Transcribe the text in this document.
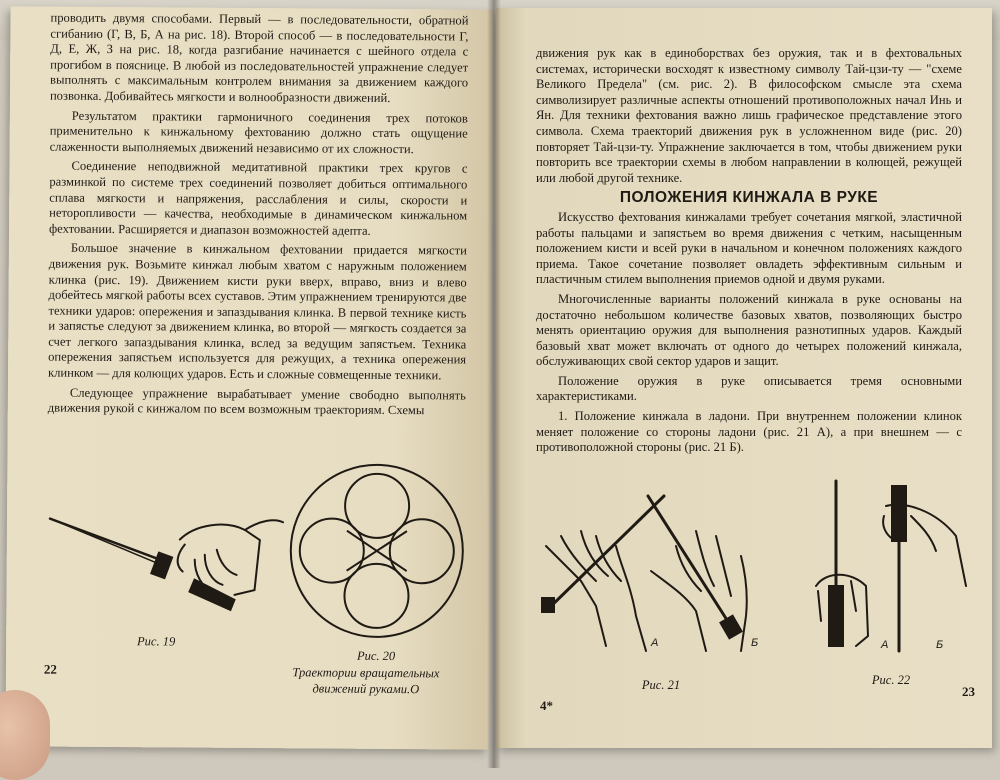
проводить двумя способами. Первый — в последовательности, обратной сгибанию (Г, В, Б, А на рис. 18). Второй способ — в последовательности Г, Д, Е, Ж, З на рис. 18, когда разгибание начинается с шейного отдела с прогибом в пояснице. В любой из последовательностей упражнение следует выполнять с максимальным контролем внимания за движением каждого позвонка. Добивайтесь мягкости и волнообразности движений.

Результатом практики гармоничного соединения трех потоков применительно к кинжальному фехтованию должно стать ощущение слаженности выполняемых движений независимо от их сложности.

Соединение неподвижной медитативной практики трех кругов с разминкой по системе трех соединений позволяет добиться оптимального сплава мягкости и напряжения, расслабления и силы, скорости и неторопливости — качества, необходимые в динамическом кинжальном фехтовании. Расширяется и диапазон возможностей адепта.

Большое значение в кинжальном фехтовании придается мягкости движения рук. Возьмите кинжал любым хватом с наружным положением клинка (рис. 19). Движением кисти руки вверх, вправо, вниз и влево добейтесь мягкой работы всех суставов. Этим упражнением тренируются две техники ударов: опережения и запаздывания клинка. В первой технике кисть и запястье следуют за движением клинка, во второй — мягкость создается за счет легкого запаздывания клинка, вслед за ведущим запястьем. Техника опережения запястьем используется для режущих, а техника опережения клинком — для колющих ударов. Есть и сложные совмещенные техники.

Следующее упражнение вырабатывает умение свободно выполнять движения рукой с кинжалом по всем возможным траекториям. Схемы

Рис. 19
Рис. 20
Траектории вращательных движений руками.О
22

движения рук как в единоборствах без оружия, так и в фехтовальных системах, исторически восходят к известному символу Тай-цзи-ту — "схеме Великого Предела" (см. рис. 2). В философском смысле эта схема символизирует различные аспекты отношений противоположных начал Инь и Ян. Для техники фехтования важно лишь графическое представление этого символа. Схема траекторий движения рук в усложненном виде (рис. 20) повторяет Тай-цзи-ту. Упражнение заключается в том, чтобы движением руки повторить все траектории схемы в любом направлении в колющей, режущей или любой другой технике.

ПОЛОЖЕНИЯ КИНЖАЛА В РУКЕ

Искусство фехтования кинжалами требует сочетания мягкой, эластичной работы пальцами и запястьем во время движения с четким, насыщенным положением кисти и всей руки в начальном и конечном положениях каждого приема. Такое сочетание позволяет овладеть эффективным сильным и пластичным стилем выполнения приемов одной и двумя руками.

Многочисленные варианты положений кинжала в руке основаны на достаточно небольшом количестве базовых хватов, позволяющих быстро менять ориентацию оружия для выполнения разнотипных ударов. Каждый базовый хват может включать от одного до четырех положений кинжала, обслуживающих свой сектор ударов и защит.

Положение оружия в руке описывается тремя основными характеристиками.

1. Положение кинжала в ладони. При внутреннем положении клинок меняет положение со стороны ладони (рис. 21 А), а при внешнем — с противоположной стороны (рис. 21 Б).

А	Б
Рис. 21
А	Б
Рис. 22
4*
23
